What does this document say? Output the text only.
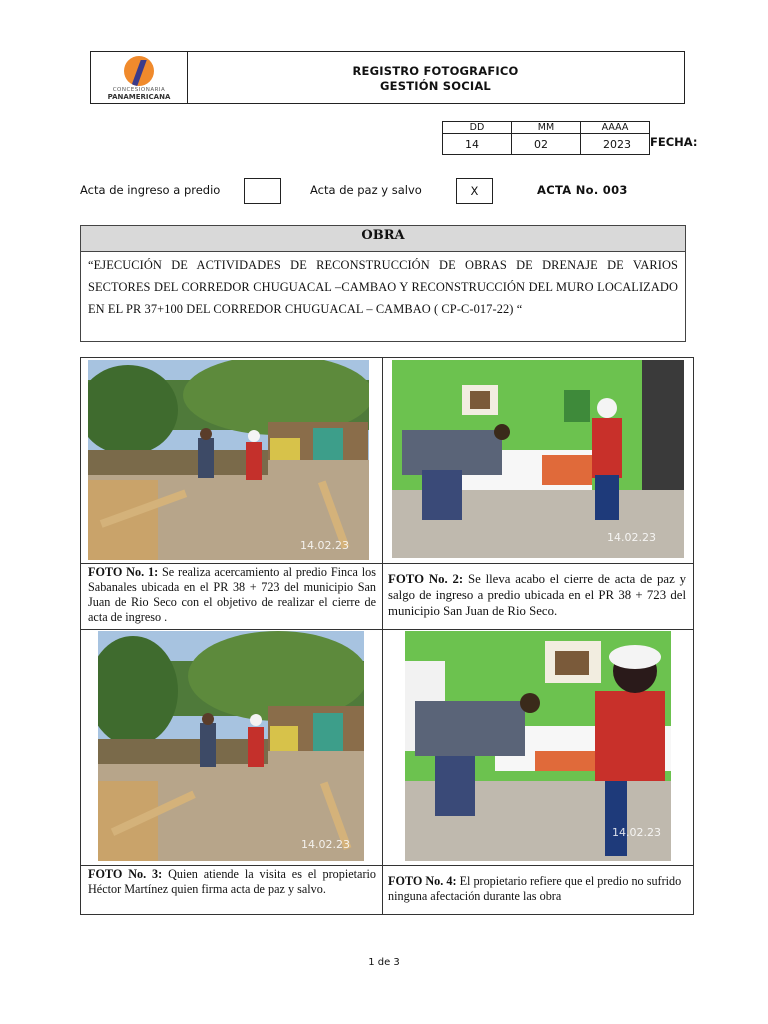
CONCESIONARIA
PANAMERICANA
REGISTRO FOTOGRAFICO
GESTIÓN SOCIAL
DD	MM	AAAA
14	02	2023 FECHA:
Acta de ingreso a predio	Acta de paz y salvo	X	ACTA No. 003
OBRA
“EJECUCIÓN DE ACTIVIDADES DE RECONSTRUCCIÓN DE OBRAS DE DRENAJE DE VARIOS SECTORES DEL CORREDOR CHUGUACAL –CAMBAO Y RECONSTRUCCIÓN DEL MURO LOCALIZADO EN EL PR 37+100 DEL CORREDOR CHUGUACAL – CAMBAO ( CP-C-017-22) “
14.02.23
14.02.23
FOTO No. 1: Se realiza acercamiento al predio Finca los Sabanales ubicada en el PR 38 + 723 del municipio San Juan de Rio Seco con el objetivo de realizar el cierre de acta de ingreso .
FOTO No. 2: Se lleva acabo el cierre de acta de paz y salgo de ingreso a predio ubicada en el PR 38 + 723 del municipio San Juan de Rio Seco.
14.02.23
14.02.23
FOTO No. 3: Quien atiende la visita es el propietario Héctor Martínez quien firma acta de paz y salvo.
FOTO No. 4: El propietario refiere que el predio no sufrido ninguna afectación durante las obra
1 de 3
